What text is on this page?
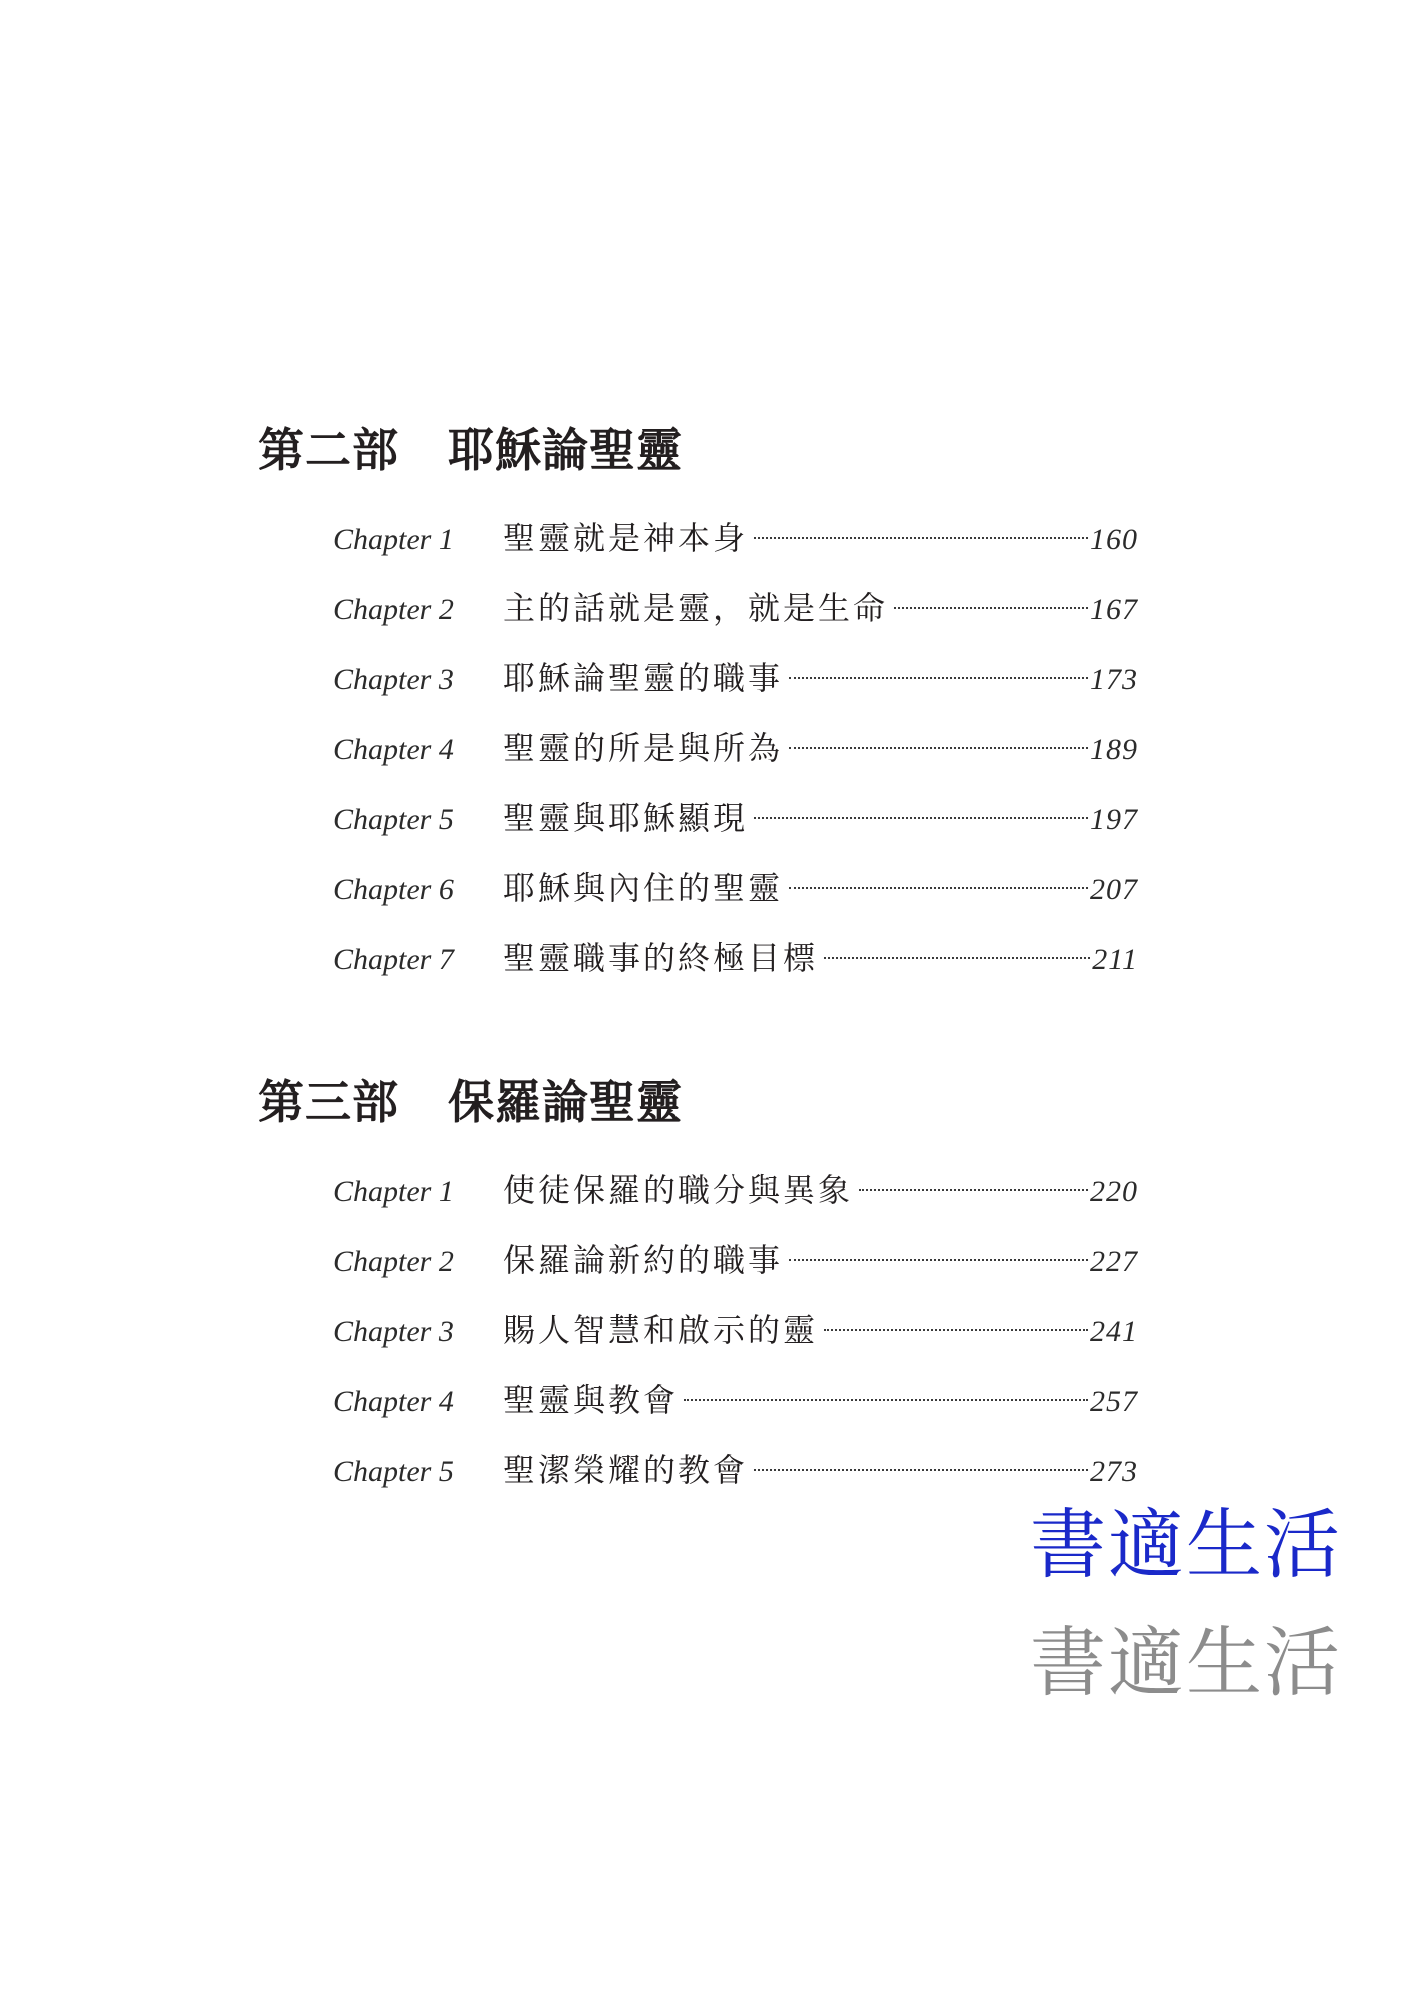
第二部	耶穌論聖靈
Chapter 1	聖靈就是神本身	160
Chapter 2	主的話就是靈，就是生命	167
Chapter 3	耶穌論聖靈的職事	173
Chapter 4	聖靈的所是與所為	189
Chapter 5	聖靈與耶穌顯現	197
Chapter 6	耶穌與內住的聖靈	207
Chapter 7	聖靈職事的終極目標	211
第三部	保羅論聖靈
Chapter 1	使徒保羅的職分與異象	220
Chapter 2	保羅論新約的職事	227
Chapter 3	賜人智慧和啟示的靈	241
Chapter 4	聖靈與教會	257
Chapter 5	聖潔榮耀的教會	273
書適生活
書適生活
